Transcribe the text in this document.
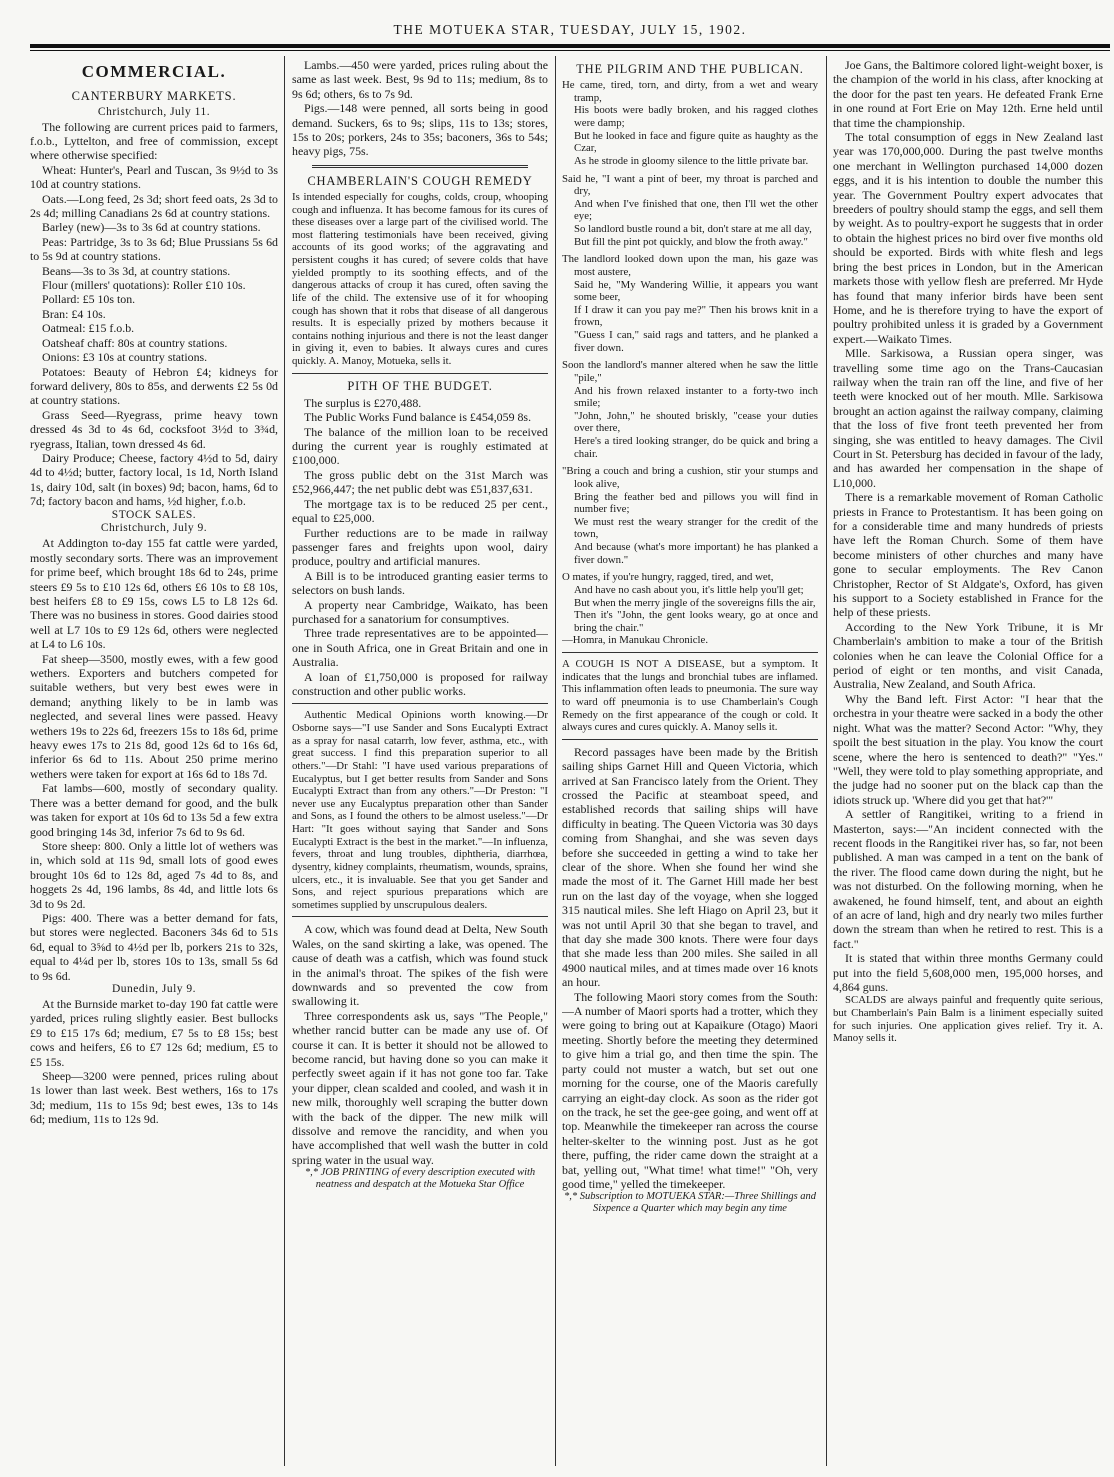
THE MOTUEKA STAR, TUESDAY, JULY 15, 1902.
COMMERCIAL.
CANTERBURY MARKETS.
Christchurch, July 11.

The following are current prices paid to farmers, f.o.b., Lyttelton, and free of commission, except where otherwise specified:

Wheat: Hunter's, Pearl and Tuscan, 3s 9½d to 3s 10d at country stations.

Oats.—Long feed, 2s 3d; short feed oats, 2s 3d to 2s 4d; milling Canadians 2s 6d at country stations.

Barley (new)—3s to 3s 6d at country stations.

Peas: Partridge, 3s to 3s 6d; Blue Prussians 5s 6d to 5s 9d at country stations.

Beans—3s to 3s 3d, at country stations.

Flour (millers' quotations): Roller £10 10s.

Pollard: £5 10s ton.

Bran: £4 10s.

Oatmeal: £15 f.o.b.

Oatsheaf chaff: 80s at country stations.

Onions: £3 10s at country stations.

Potatoes: Beauty of Hebron £4; kidneys for forward delivery, 80s to 85s, and derwents £2 5s 0d at country stations.

Grass Seed—Ryegrass, prime heavy town dressed 4s 3d to 4s 6d, cocksfoot 3½d to 3¾d, ryegrass, Italian, town dressed 4s 6d.

Dairy Produce; Cheese, factory 4½d to 5d, dairy 4d to 4½d; butter, factory local, 1s 1d, North Island 1s, dairy 10d, salt (in boxes) 9d; bacon, hams, 6d to 7d; factory bacon and hams, ½d higher, f.o.b.

STOCK SALES.
Christchurch, July 9.

At Addington to-day 155 fat cattle were yarded, mostly secondary sorts. There was an improvement for prime beef, which brought 18s 6d to 24s, prime steers £9 5s to £10 12s 6d, others £6 10s to £8 10s, best heifers £8 to £9 15s, cows L5 to L8 12s 6d. There was no business in stores. Good dairies stood well at L7 10s to £9 12s 6d, others were neglected at L4 to L6 10s.

Fat sheep—3500, mostly ewes, with a few good wethers. Exporters and butchers competed for suitable wethers, but very best ewes were in demand; anything likely to be in lamb was neglected, and several lines were passed. Heavy wethers 19s to 22s 6d, freezers 15s to 18s 6d, prime heavy ewes 17s to 21s 8d, good 12s 6d to 16s 6d, inferior 6s 6d to 11s. About 250 prime merino wethers were taken for export at 16s 6d to 18s 7d.

Fat lambs—600, mostly of secondary quality. There was a better demand for good, and the bulk was taken for export at 10s 6d to 13s 5d a few extra good bringing 14s 3d, inferior 7s 6d to 9s 6d.

Store sheep: 800. Only a little lot of wethers was in, which sold at 11s 9d, small lots of good ewes brought 10s 6d to 12s 8d, aged 7s 4d to 8s, and hoggets 2s 4d, 196 lambs, 8s 4d, and little lots 6s 3d to 9s 2d.

Pigs: 400. There was a better demand for fats, but stores were neglected. Baconers 34s 6d to 51s 6d, equal to 3⅝d to 4½d per lb, porkers 21s to 32s, equal to 4¼d per lb, stores 10s to 13s, small 5s 6d to 9s 6d.

Dunedin, July 9.

At the Burnside market to-day 190 fat cattle were yarded, prices ruling slightly easier. Best bullocks £9 to £15 17s 6d; medium, £7 5s to £8 15s; best cows and heifers, £6 to £7 12s 6d; medium, £5 to £5 15s.

Sheep—3200 were penned, prices ruling about 1s lower than last week. Best wethers, 16s to 17s 3d; medium, 11s to 15s 9d; best ewes, 13s to 14s 6d; medium, 11s to 12s 9d.

Lambs.—450 were yarded, prices ruling about the same as last week. Best, 9s 9d to 11s; medium, 8s to 9s 6d; others, 6s to 7s 9d.

Pigs.—148 were penned, all sorts being in good demand. Suckers, 6s to 9s; slips, 11s to 13s; stores, 15s to 20s; porkers, 24s to 35s; baconers, 36s to 54s; heavy pigs, 75s.

CHAMBERLAIN'S COUGH REMEDY

Is intended especially for coughs, colds, croup, whooping cough and influenza. It has become famous for its cures of these diseases over a large part of the civilised world. The most flattering testimonials have been received, giving accounts of its good works; of the aggravating and persistent coughs it has cured; of severe colds that have yielded promptly to its soothing effects, and of the dangerous attacks of croup it has cured, often saving the life of the child. The extensive use of it for whooping cough has shown that it robs that disease of all dangerous results. It is especially prized by mothers because it contains nothing injurious and there is not the least danger in giving it, even to babies. It always cures and cures quickly. A. Manoy, Motueka, sells it.

PITH OF THE BUDGET.

The surplus is £270,488.

The Public Works Fund balance is £454,059 8s.

The balance of the million loan to be received during the current year is roughly estimated at £100,000.

The gross public debt on the 31st March was £52,966,447; the net public debt was £51,837,631.

The mortgage tax is to be reduced 25 per cent., equal to £25,000.

Further reductions are to be made in railway passenger fares and freights upon wool, dairy produce, poultry and artificial manures.

A Bill is to be introduced granting easier terms to selectors on bush lands.

A property near Cambridge, Waikato, has been purchased for a sanatorium for consumptives.

Three trade representatives are to be appointed—one in South Africa, one in Great Britain and one in Australia.

A loan of £1,750,000 is proposed for railway construction and other public works.

Authentic Medical Opinions worth knowing.—Dr Osborne says—"I use Sander and Sons Eucalypti Extract as a spray for nasal catarrh, low fever, asthma, etc., with great success. I find this preparation superior to all others."—Dr Stahl: "I have used various preparations of Eucalyptus, but I get better results from Sander and Sons Eucalypti Extract than from any others."—Dr Preston: "I never use any Eucalyptus preparation other than Sander and Sons, as I found the others to be almost useless."—Dr Hart: "It goes without saying that Sander and Sons Eucalypti Extract is the best in the market."—In influenza, fevers, throat and lung troubles, diphtheria, diarrhœa, dysentry, kidney complaints, rheumatism, wounds, sprains, ulcers, etc., it is invaluable. See that you get Sander and Sons, and reject spurious preparations which are sometimes supplied by unscrupulous dealers.

A cow, which was found dead at Delta, New South Wales, on the sand skirting a lake, was opened. The cause of death was a catfish, which was found stuck in the animal's throat. The spikes of the fish were downwards and so prevented the cow from swallowing it.

Three correspondents ask us, says "The People," whether rancid butter can be made any use of. Of course it can. It is better it should not be allowed to become rancid, but having done so you can make it perfectly sweet again if it has not gone too far. Take your dipper, clean scalded and cooled, and wash it in new milk, thoroughly well scraping the butter down with the back of the dipper. The new milk will dissolve and remove the rancidity, and when you have accomplished that well wash the butter in cold spring water in the usual way.

*,* JOB PRINTING of every description executed with neatness and despatch at the Motueka Star Office

THE PILGRIM AND THE PUBLICAN.

He came, tired, torn, and dirty, from a wet and weary tramp,
His boots were badly broken, and his ragged clothes were damp;
But he looked in face and figure quite as haughty as the Czar,
As he strode in gloomy silence to the little private bar.

Said he, "I want a pint of beer, my throat is parched and dry,
And when I've finished that one, then I'll wet the other eye;
So landlord bustle round a bit, don't stare at me all day,
But fill the pint pot quickly, and blow the froth away."

The landlord looked down upon the man, his gaze was most austere,
Said he, "My Wandering Willie, it appears you want some beer,
If I draw it can you pay me?" Then his brows knit in a frown,
"Guess I can," said rags and tatters, and he planked a fiver down.

Soon the landlord's manner altered when he saw the little "pile,"
And his frown relaxed instanter to a forty-two inch smile;
"John, John," he shouted briskly, "cease your duties over there,
Here's a tired looking stranger, do be quick and bring a chair.

"Bring a couch and bring a cushion, stir your stumps and look alive,
Bring the feather bed and pillows you will find in number five;
We must rest the weary stranger for the credit of the town,
And because (what's more important) he has planked a fiver down."

O mates, if you're hungry, ragged, tired, and wet,
And have no cash about you, it's little help you'll get;
But when the merry jingle of the sovereigns fills the air,
Then it's "John, the gent looks weary, go at once and bring the chair."

—Homra, in Manukau Chronicle.

A COUGH IS NOT A DISEASE, but a symptom. It indicates that the lungs and bronchial tubes are inflamed. This inflammation often leads to pneumonia. The sure way to ward off pneumonia is to use Chamberlain's Cough Remedy on the first appearance of the cough or cold. It always cures and cures quickly. A. Manoy sells it.

Record passages have been made by the British sailing ships Garnet Hill and Queen Victoria, which arrived at San Francisco lately from the Orient. They crossed the Pacific at steamboat speed, and established records that sailing ships will have difficulty in beating. The Queen Victoria was 30 days coming from Shanghai, and she was seven days before she succeeded in getting a wind to take her clear of the shore. When she found her wind she made the most of it. The Garnet Hill made her best run on the last day of the voyage, when she logged 315 nautical miles. She left Hiago on April 23, but it was not until April 30 that she began to travel, and that day she made 300 knots. There were four days that she made less than 200 miles. She sailed in all 4900 nautical miles, and at times made over 16 knots an hour.

The following Maori story comes from the South:—A number of Maori sports had a trotter, which they were going to bring out at Kapaikure (Otago) Maori meeting. Shortly before the meeting they determined to give him a trial go, and then time the spin. The party could not muster a watch, but set out one morning for the course, one of the Maoris carefully carrying an eight-day clock. As soon as the rider got on the track, he set the gee-gee going, and went off at top. Meanwhile the timekeeper ran across the course helter-skelter to the winning post. Just as he got there, puffing, the rider came down the straight at a bat, yelling out, "What time! what time!" "Oh, very good time," yelled the timekeeper.

*,* Subscription to MOTUEKA STAR:—Three Shillings and Sixpence a Quarter which may begin any time

Joe Gans, the Baltimore colored light-weight boxer, is the champion of the world in his class, after knocking at the door for the past ten years. He defeated Frank Erne in one round at Fort Erie on May 12th. Erne held until that time the championship.

The total consumption of eggs in New Zealand last year was 170,000,000. During the past twelve months one merchant in Wellington purchased 14,000 dozen eggs, and it is his intention to double the number this year. The Government Poultry expert advocates that breeders of poultry should stamp the eggs, and sell them by weight. As to poultry-export he suggests that in order to obtain the highest prices no bird over five months old should be exported. Birds with white flesh and legs bring the best prices in London, but in the American markets those with yellow flesh are preferred. Mr Hyde has found that many inferior birds have been sent Home, and he is therefore trying to have the export of poultry prohibited unless it is graded by a Government expert.—Waikato Times.

Mlle. Sarkisowa, a Russian opera singer, was travelling some time ago on the Trans-Caucasian railway when the train ran off the line, and five of her teeth were knocked out of her mouth. Mlle. Sarkisowa brought an action against the railway company, claiming that the loss of five front teeth prevented her from singing, she was entitled to heavy damages. The Civil Court in St. Petersburg has decided in favour of the lady, and has awarded her compensation in the shape of L10,000.

There is a remarkable movement of Roman Catholic priests in France to Protestantism. It has been going on for a considerable time and many hundreds of priests have left the Roman Church. Some of them have become ministers of other churches and many have gone to secular employments. The Rev Canon Christopher, Rector of St Aldgate's, Oxford, has given his support to a Society established in France for the help of these priests.

According to the New York Tribune, it is Mr Chamberlain's ambition to make a tour of the British colonies when he can leave the Colonial Office for a period of eight or ten months, and visit Canada, Australia, New Zealand, and South Africa.

Why the Band left. First Actor: "I hear that the orchestra in your theatre were sacked in a body the other night. What was the matter? Second Actor: "Why, they spoilt the best situation in the play. You know the court scene, where the hero is sentenced to death?" "Yes." "Well, they were told to play something appropriate, and the judge had no sooner put on the black cap than the idiots struck up. 'Where did you get that hat?'"

A settler of Rangitikei, writing to a friend in Masterton, says:—"An incident connected with the recent floods in the Rangitikei river has, so far, not been published. A man was camped in a tent on the bank of the river. The flood came down during the night, but he was not disturbed. On the following morning, when he awakened, he found himself, tent, and about an eighth of an acre of land, high and dry nearly two miles further down the stream than when he retired to rest. This is a fact."

It is stated that within three months Germany could put into the field 5,608,000 men, 195,000 horses, and 4,864 guns.

SCALDS are always painful and frequently quite serious, but Chamberlain's Pain Balm is a liniment especially suited for such injuries. One application gives relief. Try it. A. Manoy sells it.
